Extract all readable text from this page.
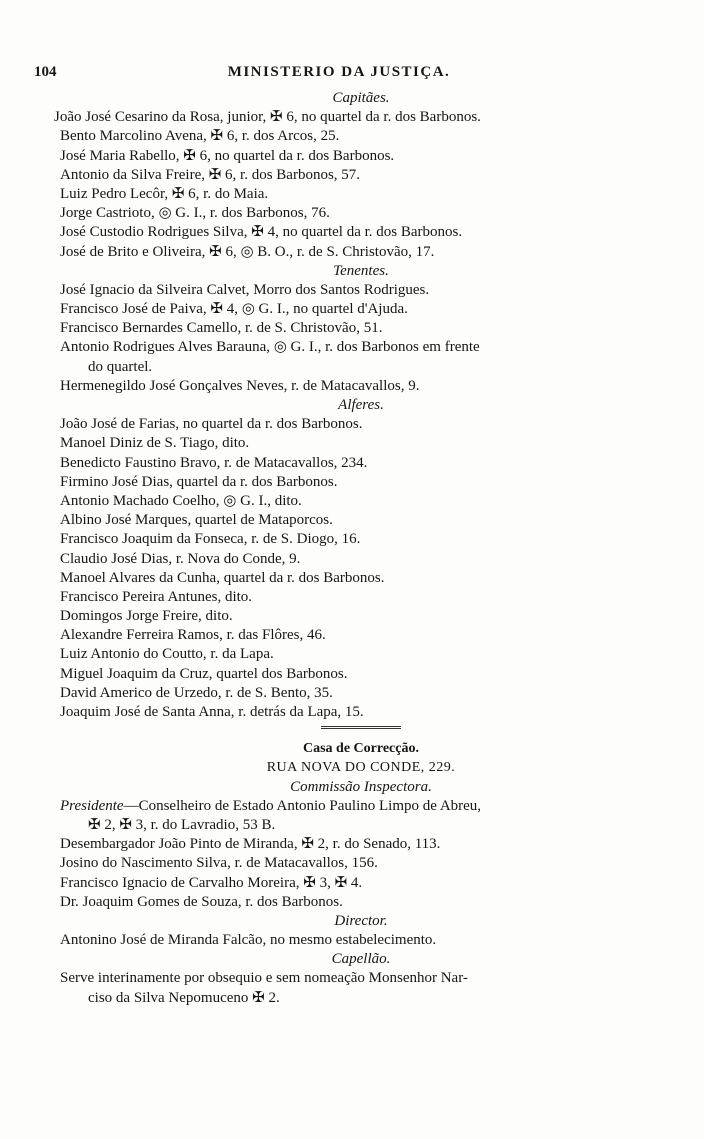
104	MINISTERIO DA JUSTIÇA.
Capitães.
João José Cesarino da Rosa, junior, ✠ 6, no quartel da r. dos Barbonos.
Bento Marcolino Avena, ✠ 6, r. dos Arcos, 25.
José Maria Rabello, ✠ 6, no quartel da r. dos Barbonos.
Antonio da Silva Freire, ✠ 6, r. dos Barbonos, 57.
Luiz Pedro Lecôr, ✠ 6, r. do Maia.
Jorge Castrioto, ◎ G. I., r. dos Barbonos, 76.
José Custodio Rodrigues Silva, ✠ 4, no quartel da r. dos Barbonos.
José de Brito e Oliveira, ✠ 6, ◎ B. O., r. de S. Christovão, 17.
Tenentes.
José Ignacio da Silveira Calvet, Morro dos Santos Rodrigues.
Francisco José de Paiva, ✠ 4, ◎ G. I., no quartel d'Ajuda.
Francisco Bernardes Camello, r. de S. Christovão, 51.
Antonio Rodrigues Alves Barauna, ◎ G. I., r. dos Barbonos em frente
do quartel.
Hermenegildo José Gonçalves Neves, r. de Matacavallos, 9.
Alferes.
João José de Farias, no quartel da r. dos Barbonos.
Manoel Diniz de S. Tiago, dito.
Benedicto Faustino Bravo, r. de Matacavallos, 234.
Firmino José Dias, quartel da r. dos Barbonos.
Antonio Machado Coelho, ◎ G. I., dito.
Albino José Marques, quartel de Mataporcos.
Francisco Joaquim da Fonseca, r. de S. Diogo, 16.
Claudio José Dias, r. Nova do Conde, 9.
Manoel Alvares da Cunha, quartel da r. dos Barbonos.
Francisco Pereira Antunes, dito.
Domingos Jorge Freire, dito.
Alexandre Ferreira Ramos, r. das Flôres, 46.
Luiz Antonio do Coutto, r. da Lapa.
Miguel Joaquim da Cruz, quartel dos Barbonos.
David Americo de Urzedo, r. de S. Bento, 35.
Joaquim José de Santa Anna, r. detrás da Lapa, 15.
Casa de Correcção.
RUA NOVA DO CONDE, 229.
Commissão Inspectora.
Presidente—Conselheiro de Estado Antonio Paulino Limpo de Abreu,
✠ 2, ✠ 3, r. do Lavradio, 53 B.
Desembargador João Pinto de Miranda, ✠ 2, r. do Senado, 113.
Josino do Nascimento Silva, r. de Matacavallos, 156.
Francisco Ignacio de Carvalho Moreira, ✠ 3, ✠ 4.
Dr. Joaquim Gomes de Souza, r. dos Barbonos.
Director.
Antonino José de Miranda Falcão, no mesmo estabelecimento.
Capellão.
Serve interinamente por obsequio e sem nomeação Monsenhor Nar-
ciso da Silva Nepomuceno ✠ 2.
